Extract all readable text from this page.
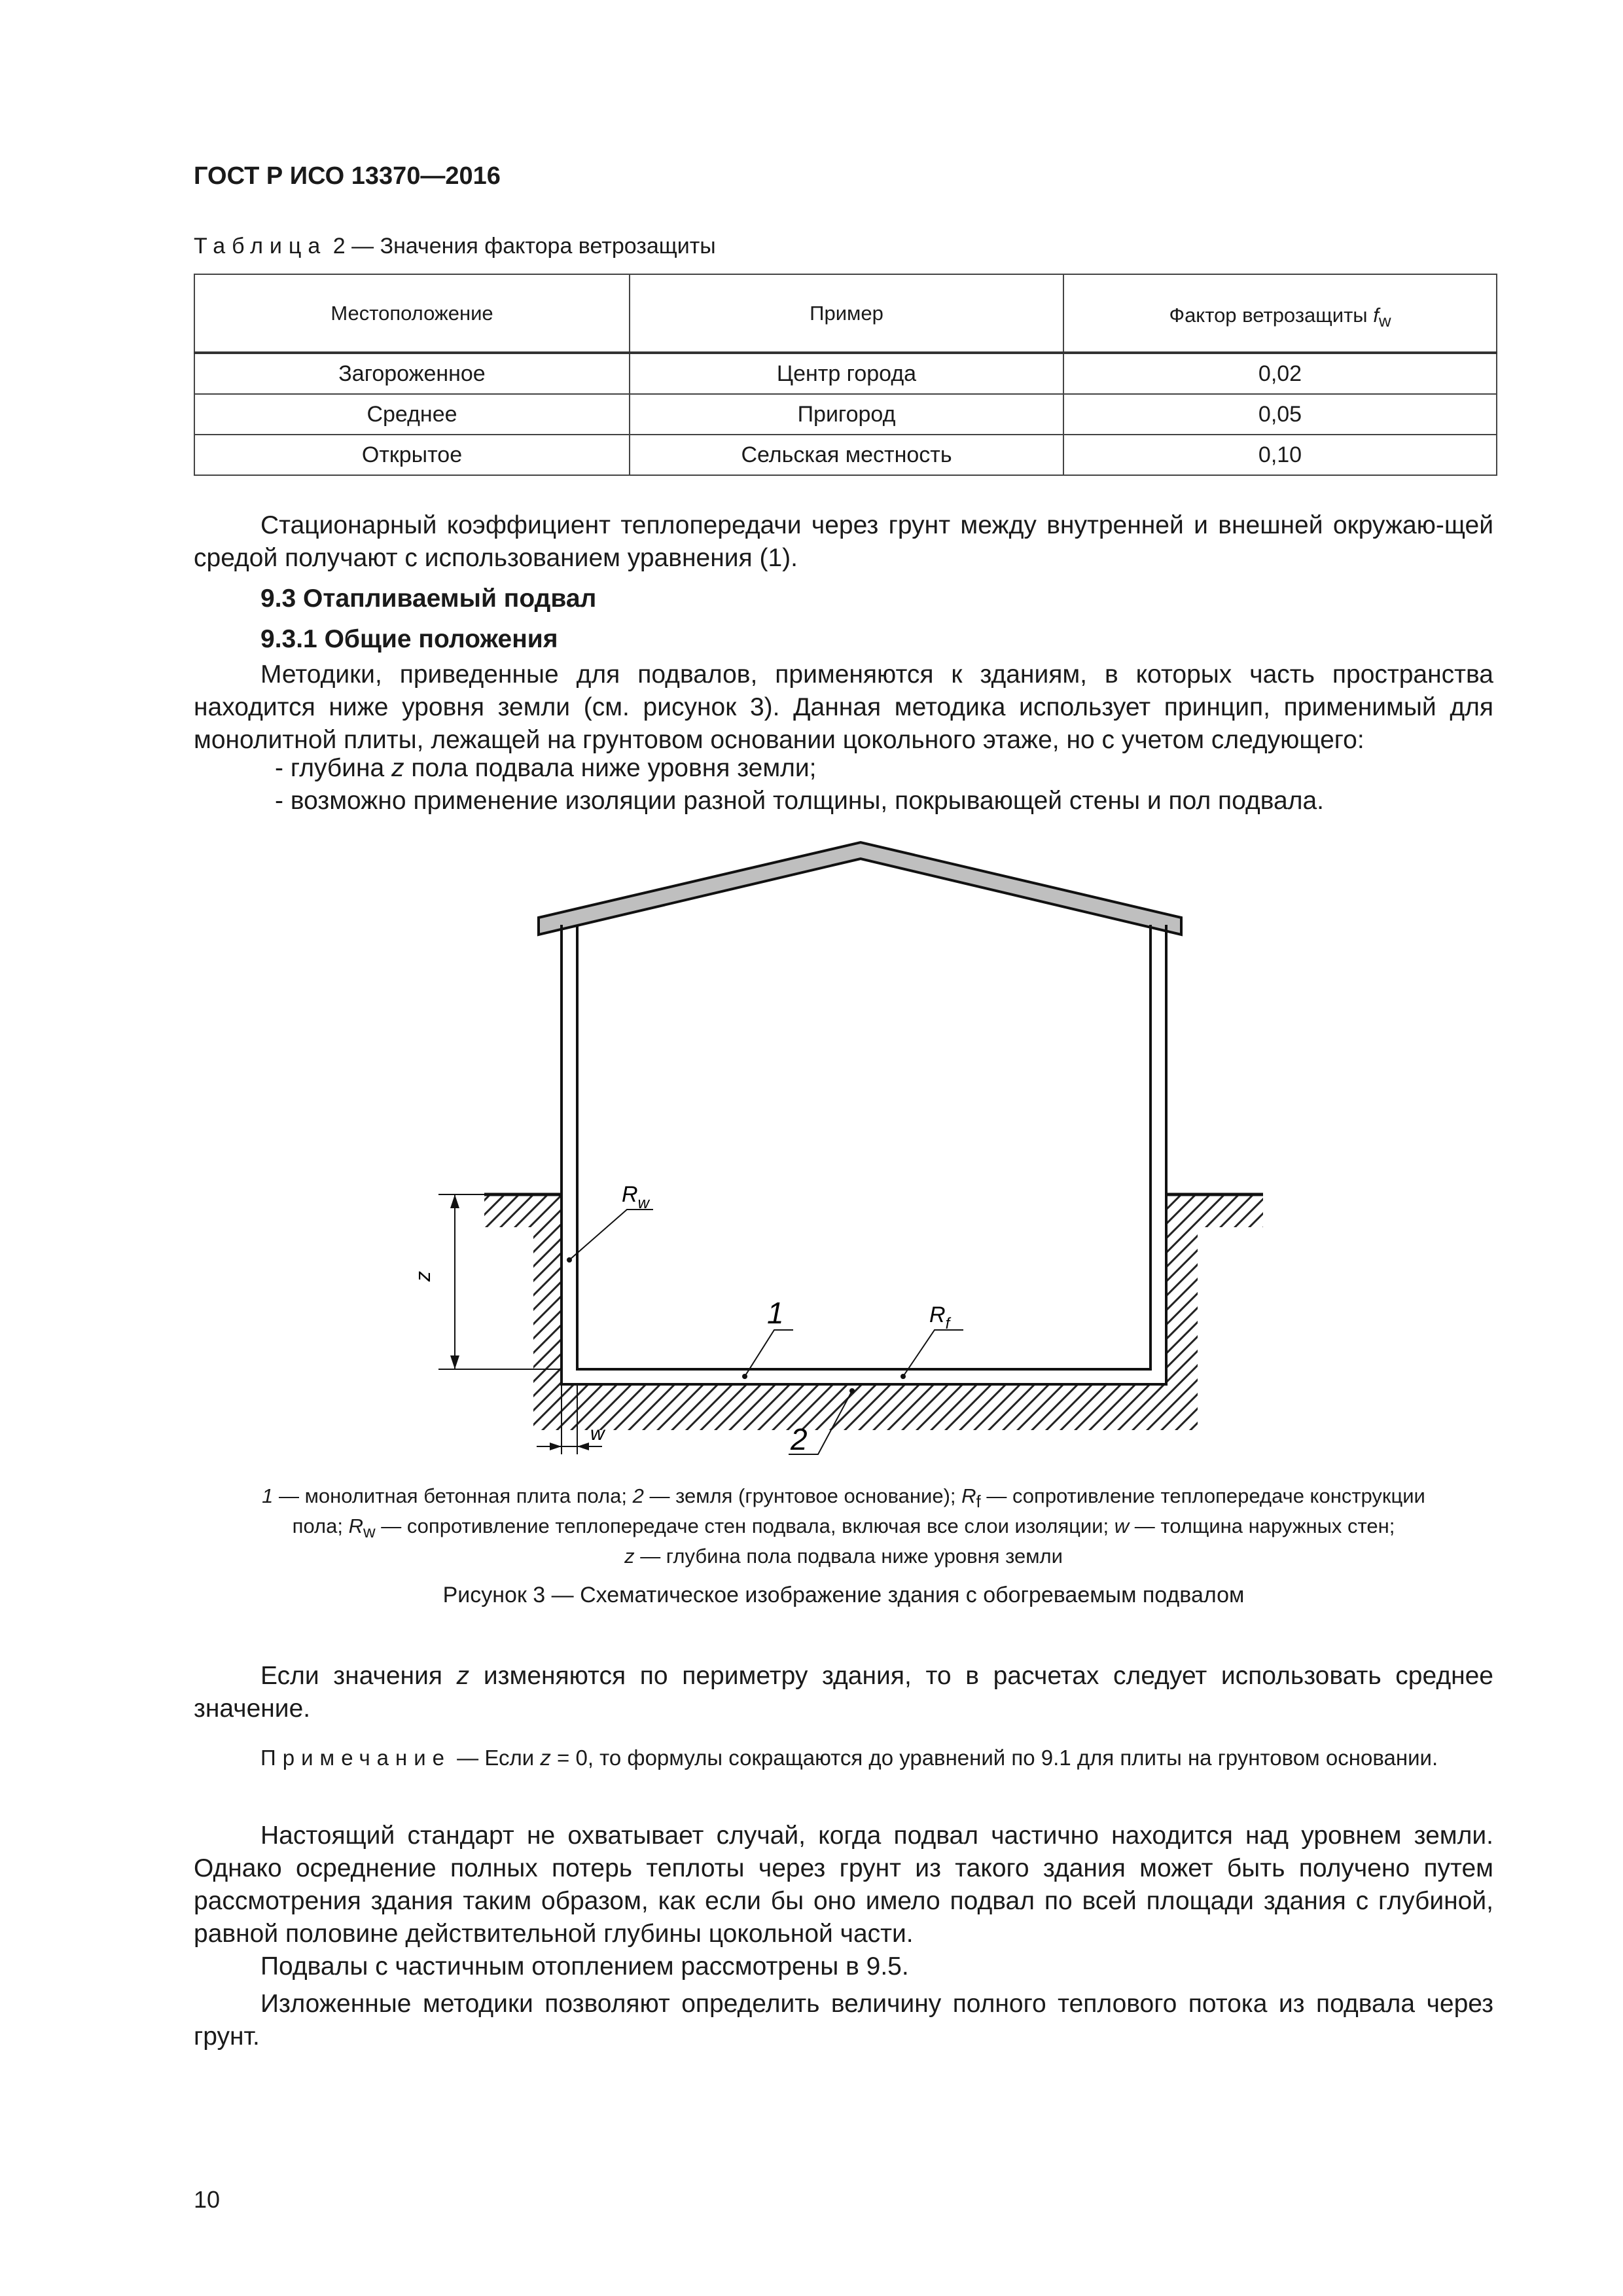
ГОСТ Р ИСО 13370—2016
Таблица 2 — Значения фактора ветрозащиты
Местоположение	Пример	Фактор ветрозащиты $f_w$
Загороженное	Центр города	0,02
Среднее	Пригород	0,05
Открытое	Сельская местность	0,10

Стационарный коэффициент теплопередачи через грунт между внутренней и внешней окружаю-щей средой получают с использованием уравнения (1).

9.3 Отапливаемый подвал
9.3.1 Общие положения

Методики, приведенные для подвалов, применяются к зданиям, в которых часть пространства находится ниже уровня земли (см. рисунок 3). Данная методика использует принцип, применимый для монолитной плиты, лежащей на грунтовом основании цокольного этаже, но с учетом следующего:

- глубина z пола подвала ниже уровня земли;
- возможно применение изоляции разной толщины, покрывающей стены и пол подвала.
z
w
$R_w$
1	$R_f$
2

1 — монолитная бетонная плита пола; 2 — земля (грунтовое основание); $R_f$ — сопротивление теплопередаче конструкции

пола; $R_w$ — сопротивление теплопередаче стен подвала, включая все слои изоляции; w — толщина наружных стен;

z — глубина пола подвала ниже уровня земли

Рисунок 3 — Схематическое изображение здания с обогреваемым подвалом

Если значения z изменяются по периметру здания, то в расчетах следует использовать среднее значение.

Примечание — Если z = 0, то формулы сокращаются до уравнений по 9.1 для плиты на грунтовом основании.

Настоящий стандарт не охватывает случай, когда подвал частично находится над уровнем земли. Однако осреднение полных потерь теплоты через грунт из такого здания может быть получено путем рассмотрения здания таким образом, как если бы оно имело подвал по всей площади здания с глубиной, равной половине действительной глубины цокольной части.

Подвалы с частичным отоплением рассмотрены в 9.5.

Изложенные методики позволяют определить величину полного теплового потока из подвала через грунт.

10
